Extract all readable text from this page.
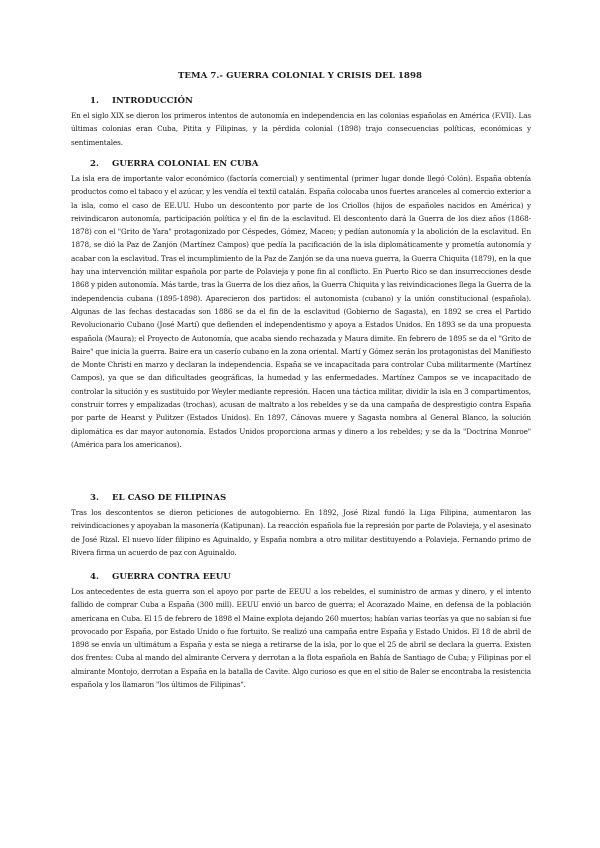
TEMA 7.- GUERRA COLONIAL Y CRISIS DEL 1898
1. INTRODUCCIÓN
En el siglo XIX se dieron los primeros intentos de autonomía en independencia en las colonias españolas en América (F.VII). Las últimas colonias eran Cuba, Pitita y Filipinas, y la pérdida colonial (1898) trajo consecuencias políticas, económicas y sentimentales.
2. GUERRA COLONIAL EN CUBA
La isla era de importante valor económico (factoría comercial) y sentimental (primer lugar donde llegó Colón). España obtenía productos como el tabaco y el azúcar, y les vendía el textil catalán. España colocaba unos fuertes aranceles al comercio exterior a la isla, como el caso de EE.UU. Hubo un descontento por parte de los Criollos (hijos de españoles nacidos en América) y reivindicaron autonomía, participación política y el fin de la esclavitud. El descontento dará la Guerra de los diez años (1868-1878) con el "Grito de Yara" protagonizado por Céspedes, Gómez, Maceo; y pedían autonomía y la abolición de la esclavitud. En 1878, se dió la Paz de Zanjón (Martínez Campos) que pedía la pacificación de la isla diplomáticamente y prometía autonomía y acabar con la esclavitud. Tras el incumplimiento de la Paz de Zanjón se da una nueva guerra, la Guerra Chiquita (1879), en la que hay una intervención militar española por parte de Polavieja y pone fin al conflicto. En Puerto Rico se dan insurrecciones desde 1868 y piden autonomía. Más tarde, tras la Guerra de los diez años, la Guerra Chiquita y las reivindicaciones llega la Guerra de la independencia cubana (1895-1898). Aparecieron dos partidos: el autonomista (cubano) y la unión constitucional (española). Algunas de las fechas destacadas son 1886 se da el fin de la esclavitud (Gobierno de Sagasta), en 1892 se crea el Partido Revolucionario Cubano (José Martí) que defienden el independentismo y apoya a Estados Unidos. En 1893 se da una propuesta española (Maura); el Proyecto de Autonomía, que acaba siendo rechazada y Maura dimite. En febrero de 1895 se da el "Grito de Baire" que inicia la guerra. Baire era un caserío cubano en la zona oriental. Martí y Gómez serán los protagonistas del Manifiesto de Monte Christi en marzo y declaran la independencia. España se ve incapacitada para controlar Cuba militarmente (Martínez Campos), ya que se dan dificultades geográficas, la humedad y las enfermedades. Martínez Campos se ve incapacitado de controlar la situción y es sustituido por Weyler mediante represión. Hacen una táctica militar, dividir la isla en 3 compartimentos, construir torres y empalizadas (trochas), acusan de maltrato a los rebeldes y se da una campaña de desprestigio contra España por parte de Hearst y Pulitzer (Estados Unidos). En 1897, Cánovas muere y Sagasta nombra al General Blanco, la solución diplomática es dar mayor autonomía. Estados Unidos proporciona armas y dinero a los rebeldes; y se da la "Doctrina Monroe" (América para los americanos).
3. EL CASO DE FILIPINAS
Tras los descontentos se dieron peticiones de autogobierno. En 1892, José Rizal fundó la Liga Filipina, aumentaron las reivindicaciones y apoyaban la masonería (Katipunan). La reacción española fue la represión por parte de Polavieja, y el asesinato de José Rizal. El nuevo líder filipino es Aguinaldo, y España nombra a otro militar destituyendo a Polavieja. Fernando primo de Rivera firma un acuerdo de paz con Aguinaldo.
4. GUERRA CONTRA EEUU
Los antecedentes de esta guerra son el apoyo por parte de EEUU a los rebeldes, el suministro de armas y dinero, y el intento fallido de comprar Cuba a España (300 mill). EEUU envió un barco de guerra; el Acorazado Maine, en defensa de la población americana en Cuba. El 15 de febrero de 1898 el Maine explota dejando 260 muertos; habían varias teorías ya que no sabían si fue provocado por España, por Estado Unido o fue fortuito. Se realizó una campaña entre España y Estado Unidos. El 18 de abril de 1898 se envía un ultimátum a España y esta se niega a retirarse de la isla, por lo que el 25 de abril se declara la guerra. Existen dos frentes: Cuba al mando del almirante Cervera y derrotan a la flota española en Bahía de Santiago de Cuba; y Filipinas por el almirante Montojo, derrotan a España en la batalla de Cavite. Algo curioso es que en el sitio de Baler se encontraba la resistencia española y los llamaron "los últimos de Filipinas".
